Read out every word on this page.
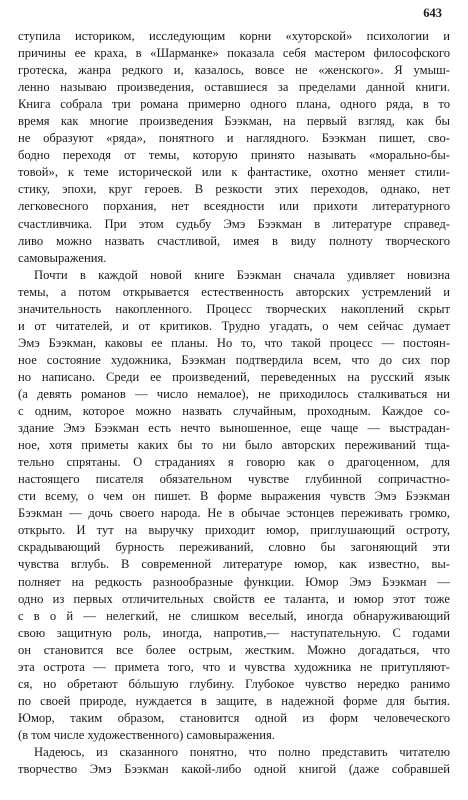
643
ступила историком, исследующим корни «хуторской» психологии и
причины ее краха, в «Шарманке» показала себя мастером философского
гротеска, жанра редкого и, казалось, вовсе не «женского». Я умыш-
ленно называю произведения, оставшиеся за пределами данной книги.
Книга собрала три романа примерно одного плана, одного ряда, в то
время как многие произведения Бээкман, на первый взгляд, как бы
не образуют «ряда», понятного и наглядного. Бээкман пишет, сво-
бодно переходя от темы, которую принято называть «морально-бы-
товой», к теме исторической или к фантастике, охотно меняет стили-
стику, эпохи, круг героев. В резкости этих переходов, однако, нет
легковесного порхания, нет всеядности или прихоти литературного
счастливчика. При этом судьбу Эмэ Бээкман в литературе справед-
ливо можно назвать счастливой, имея в виду полноту творческого
самовыражения.
Почти в каждой новой книге Бээкман сначала удивляет новизна
темы, а потом открывается естественность авторских устремлений и
значительность накопленного. Процесс творческих накоплений скрыт
и от читателей, и от критиков. Трудно угадать, о чем сейчас думает
Эмэ Бээкман, каковы ее планы. Но то, что такой процесс — постоян-
ное состояние художника, Бээкман подтвердила всем, что до сих пор
но написано. Среди ее произведений, переведенных на русский язык
(а девять романов — число немалое), не приходилось сталкиваться ни
с одним, которое можно назвать случайным, проходным. Каждое со-
здание Эмэ Бээкман есть нечто выношенное, еще чаще — выстрадан-
ное, хотя приметы каких бы то ни было авторских переживаний тща-
тельно спрятаны. О страданиях я говорю как о драгоценном, для
настоящего писателя обязательном чувстве глубинной сопричастно-
сти всему, о чем он пишет. В форме выражения чувств Эмэ Бээкман
Бээкман — дочь своего народа. Не в обычае эстонцев переживать громко,
открыто. И тут на выручку приходит юмор, приглушающий остроту,
скрадывающий бурность переживаний, словно бы загоняющий эти
чувства вглубь. В современной литературе юмор, как известно, вы-
полняет на редкость разнообразные функции. Юмор Эмэ Бээкман —
одно из первых отличительных свойств ее таланта, и юмор этот тоже
с в о й — нелегкий, не слишком веселый, иногда обнаруживающий
свою защитную роль, иногда, напротив,— наступательную. С годами
он становится все более острым, жестким. Можно догадаться, что
эта острота — примета того, что и чувства художника не притупляют-
ся, но обретают бóльшую глубину. Глубокое чувство нередко ранимо
по своей природе, нуждается в защите, в надежной форме для бытия.
Юмор, таким образом, становится одной из форм человеческого
(в том числе художественного) самовыражения.
Надеюсь, из сказанного понятно, что полно представить читателю
творчество Эмэ Бээкман какой-либо одной книгой (даже собравшей
